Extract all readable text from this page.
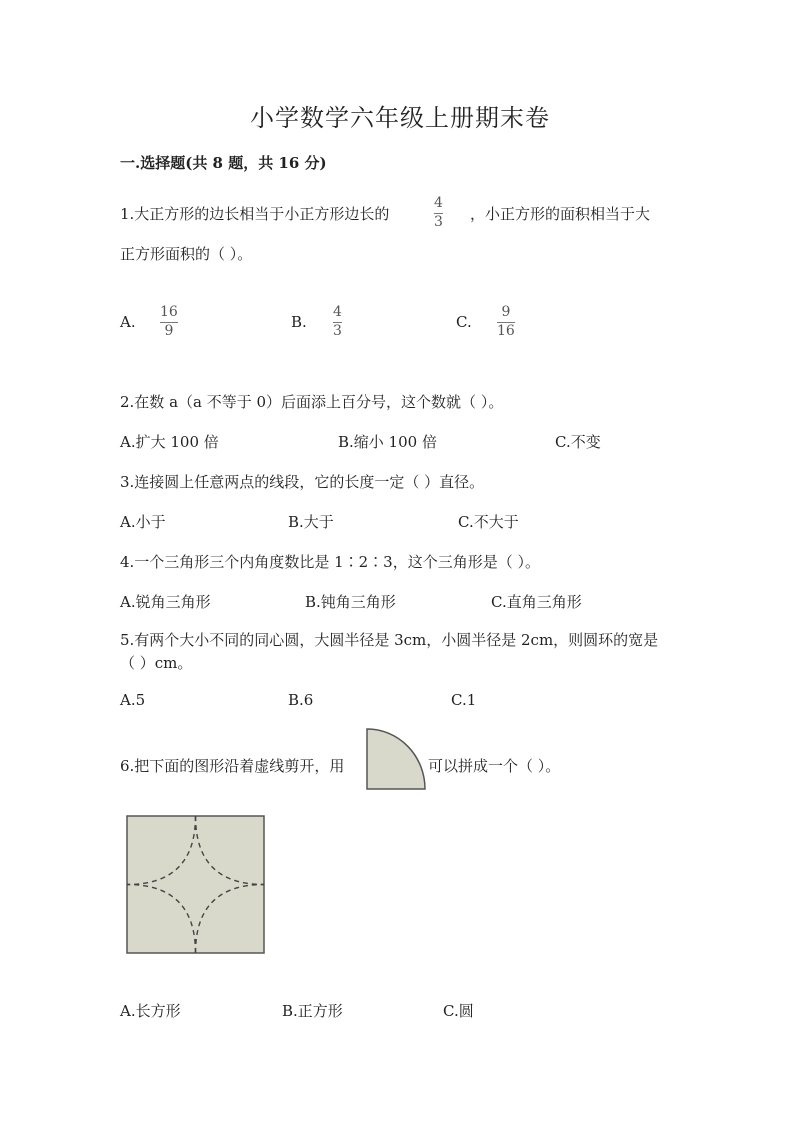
小学数学六年级上册期末卷
一.选择题(共 8 题，共 16 分)
1.大正方形的边长相当于小正方形边长的
4
3 ，小正方形的面积相当于大
正方形面积的（ ）。
A.
16
9	B.
4
3	C.
9
16
2.在数 a（a 不等于 0）后面添上百分号，这个数就（ ）。
A.扩大 100 倍	B.缩小 100 倍	C.不变
3.连接圆上任意两点的线段，它的长度一定（ ）直径。
A.小于	B.大于	C.不大于
4.一个三角形三个内角度数比是 1∶2∶3，这个三角形是（ ）。
A.锐角三角形	B.钝角三角形	C.直角三角形
5.有两个大小不同的同心圆，大圆半径是 3cm，小圆半径是 2cm，则圆环的宽是
（ ）cm。
A.5	B.6	C.1
6.把下面的图形沿着虚线剪开，用	可以拼成一个（ ）。
A.长方形	B.正方形	C.圆
